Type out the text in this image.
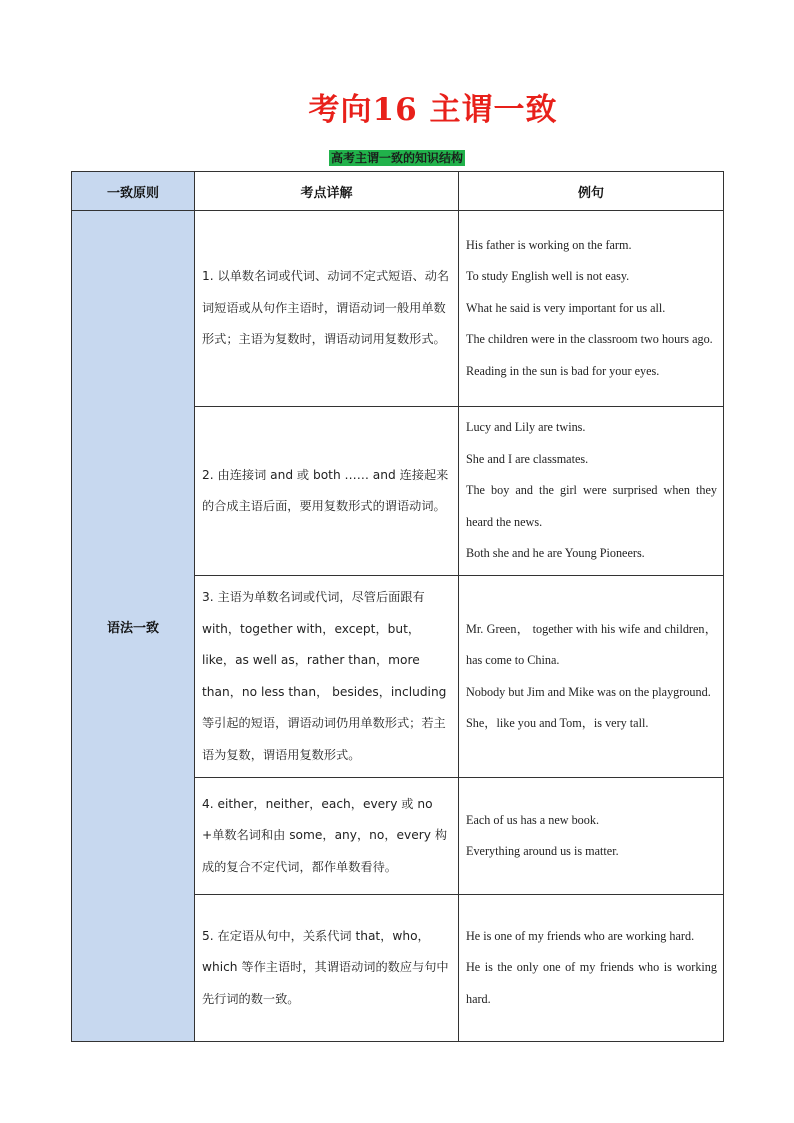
考向16 主谓一致
高考主谓一致的知识结构
一致原则	考点详解	例句
语法一致	1. 以单数名词或代词、动词不定式短语、动名词短语或从句作主语时，谓语动词一般用单数形式；主语为复数时，谓语动词用复数形式。	His father is working on the farm.
To study English well is not easy.
What he said is very important for us all.
The children were in the classroom two hours ago.
Reading in the sun is bad for your eyes.

	2. 由连接词 and 或 both …… and 连接起来的合成主语后面，要用复数形式的谓语动词。	Lucy and Lily are twins.
She and I are classmates.
The boy and the girl were surprised when they heard the news.
Both she and he are Young Pioneers.

	3. 主语为单数名词或代词，尽管后面跟有 with，together with，except，but，like，as well as，rather than，more than，no less than， besides，including 等引起的短语，谓语动词仍用单数形式；若主语为复数，谓语用复数形式。	Mr. Green， together with his wife and children，has come to China.
Nobody but Jim and Mike was on the playground.
She，like you and Tom，is very tall.

	4. either，neither，each，every 或 no +单数名词和由 some，any，no，every 构成的复合不定代词，都作单数看待。	Each of us has a new book.
Everything around us is matter.

	5. 在定语从句中，关系代词 that，who，which 等作主语时，其谓语动词的数应与句中先行词的数一致。	He is one of my friends who are working hard.
He is the only one of my friends who is working hard.
